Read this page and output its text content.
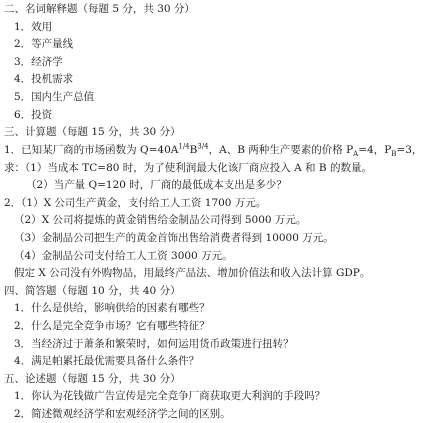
二、名词解释题（每题 5 分，共 30 分）
1．效用
2．等产量线
3．经济学
4．投机需求
5．国内生产总值
6．投资
三、计算题（每题 15 分，共 30 分）
1．已知某厂商的市场函数为 $Q=40A^{1/4}B^{3/4}$，A、B 两种生产要素的价格 $P_A=4$，$P_B=3$，
求：（1）当成本 TC=80 时，为了使利润最大化该厂商应投入 A 和 B 的数量。
（2）当产量 Q=120 时，厂商的最低成本支出是多少？
2．（1）X 公司生产黄金，支付给工人工资 1700 万元。
（2）X 公司将提炼的黄金销售给金制品公司得到 5000 万元。
（3）金制品公司把生产的黄金首饰出售给消费者得到 10000 万元。
（4）金制品公司支付给工人工资 3000 万元。
假定 X 公司没有外购物品，用最终产品法、增加价值法和收入法计算 GDP。
四、简答题（每题 10 分，共 40 分）
1．什么是供给，影响供给的因素有哪些？
2．什么是完全竞争市场？它有哪些特征？
3．当经济过于萧条和繁荣时，如何运用货币政策进行扭转？
4．满足帕累托最优需要具备什么条件？
五、论述题（每题 15 分，共 30 分）
1．你认为花钱做广告宣传是完全竞争厂商获取更大利润的手段吗？
2．简述微观经济学和宏观经济学之间的区别。
